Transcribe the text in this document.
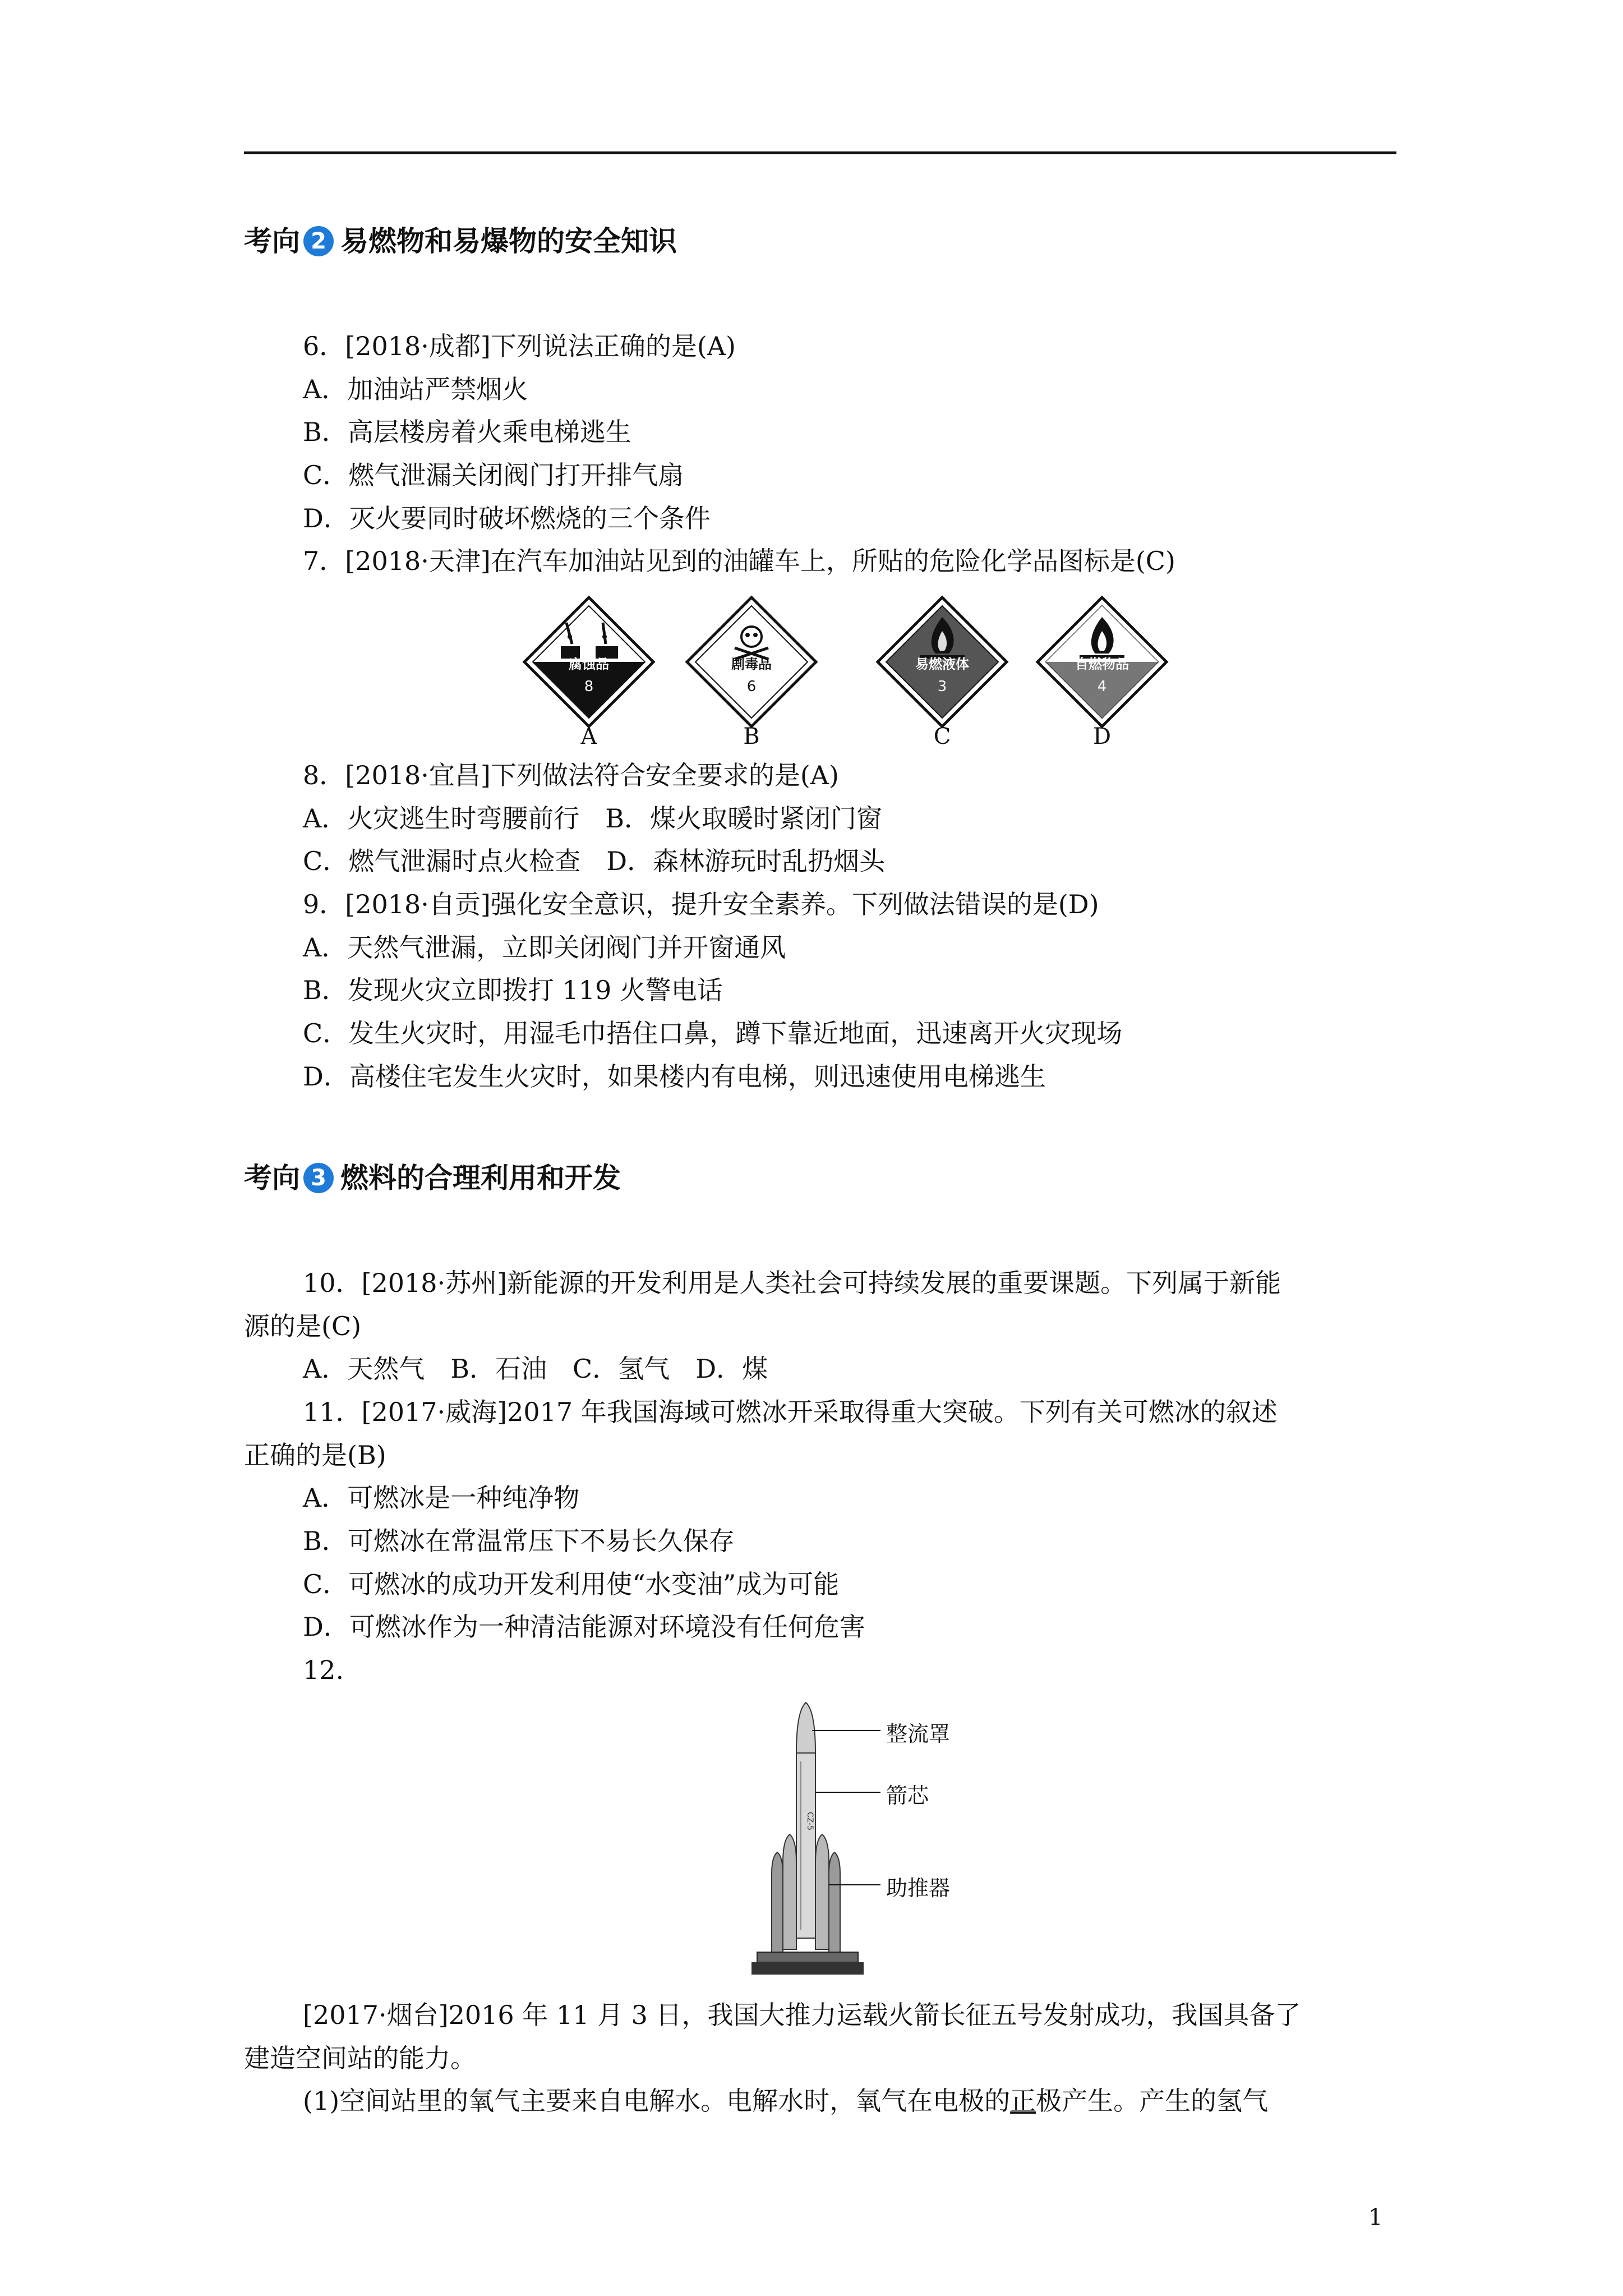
考向 2 易燃物和易爆物的安全知识
6．[2018·成都]下列说法正确的是(A)
A．加油站严禁烟火
B．高层楼房着火乘电梯逃生
C．燃气泄漏关闭阀门打开排气扇
D．灭火要同时破坏燃烧的三个条件
7．[2018·天津]在汽车加油站见到的油罐车上，所贴的危险化学品图标是(C)
腐蚀品
8
剧毒品
6
易燃液体
3
自燃物品
4
A	B	C	D
8．[2018·宜昌]下列做法符合安全要求的是(A)
A．火灾逃生时弯腰前行　B．煤火取暖时紧闭门窗
C．燃气泄漏时点火检查　D．森林游玩时乱扔烟头
9．[2018·自贡]强化安全意识，提升安全素养。下列做法错误的是(D)
A．天然气泄漏，立即关闭阀门并开窗通风
B．发现火灾立即拨打 119 火警电话
C．发生火灾时，用湿毛巾捂住口鼻，蹲下靠近地面，迅速离开火灾现场
D．高楼住宅发生火灾时，如果楼内有电梯，则迅速使用电梯逃生
考向 3 燃料的合理利用和开发
10．[2018·苏州]新能源的开发利用是人类社会可持续发展的重要课题。下列属于新能
源的是(C)
A．天然气　B．石油　C．氢气　D．煤
11．[2017·威海]2017 年我国海域可燃冰开采取得重大突破。下列有关可燃冰的叙述
正确的是(B)
A．可燃冰是一种纯净物
B．可燃冰在常温常压下不易长久保存
C．可燃冰的成功开发利用使“水变油”成为可能
D．可燃冰作为一种清洁能源对环境没有任何危害
12.
CZ-5
整流罩
箭芯
助推器
[2017·烟台]2016 年 11 月 3 日，我国大推力运载火箭长征五号发射成功，我国具备了
建造空间站的能力。
(1)空间站里的氧气主要来自电解水。电解水时，氧气在电极的正极产生。产生的氢气
1
